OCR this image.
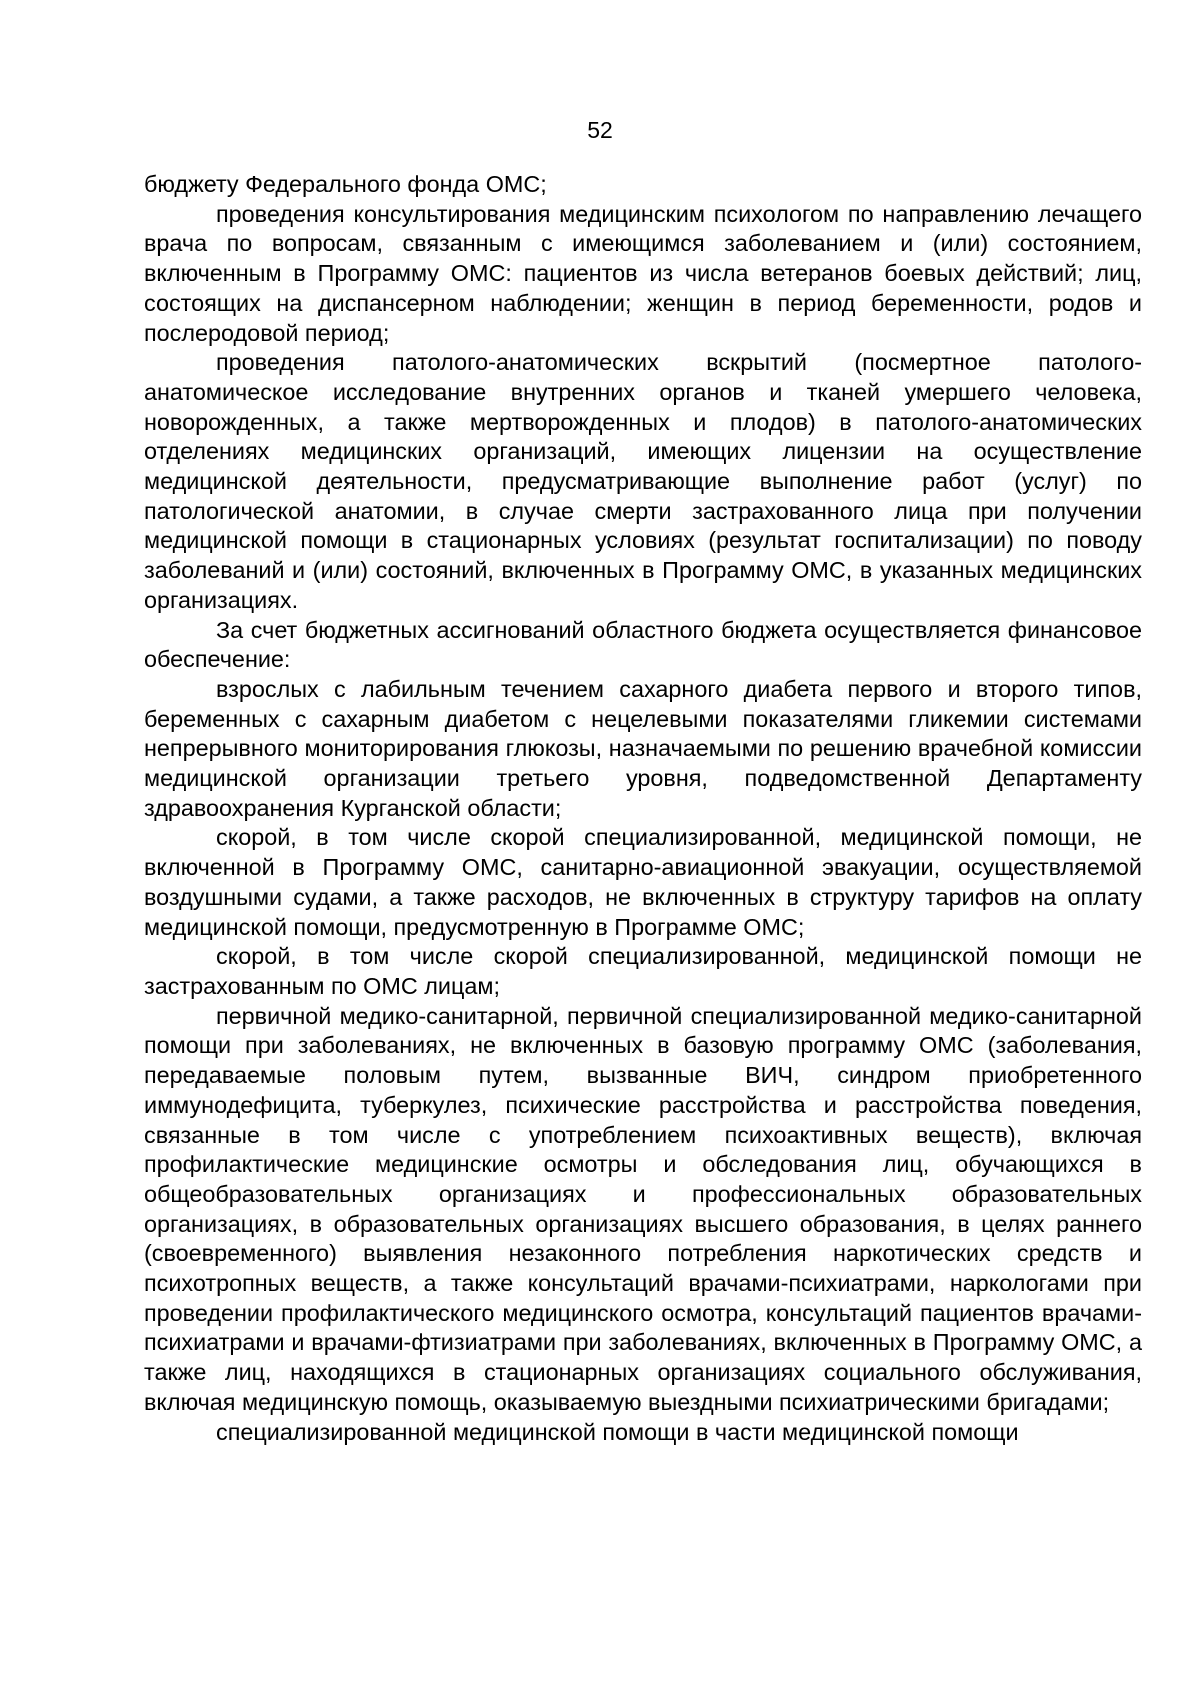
52

бюджету Федерального фонда ОМС;

проведения консультирования медицинским психологом по направлению лечащего врача по вопросам, связанным с имеющимся заболеванием и (или) состоянием, включенным в Программу ОМС: пациентов из числа ветеранов боевых действий; лиц, состоящих на диспансерном наблюдении; женщин в период беременности, родов и послеродовой период;

проведения патолого-анатомических вскрытий (посмертное патолого-анатомическое исследование внутренних органов и тканей умершего человека, новорожденных, а также мертворожденных и плодов) в патолого-анатомических отделениях медицинских организаций, имеющих лицензии на осуществление медицинской деятельности, предусматривающие выполнение работ (услуг) по патологической анатомии, в случае смерти застрахованного лица при получении медицинской помощи в стационарных условиях (результат госпитализации) по поводу заболеваний и (или) состояний, включенных в Программу ОМС, в указанных медицинских организациях.

За счет бюджетных ассигнований областного бюджета осуществляется финансовое обеспечение:

взрослых с лабильным течением сахарного диабета первого и второго типов, беременных с сахарным диабетом с нецелевыми показателями гликемии системами непрерывного мониторирования глюкозы, назначаемыми по решению врачебной комиссии медицинской организации третьего уровня, подведомственной Департаменту здравоохранения Курганской области;

скорой, в том числе скорой специализированной, медицинской помощи, не включенной в Программу ОМС, санитарно-авиационной эвакуации, осуществляемой воздушными судами, а также расходов, не включенных в структуру тарифов на оплату медицинской помощи, предусмотренную в Программе ОМС;

скорой, в том числе скорой специализированной, медицинской помощи не застрахованным по ОМС лицам;

первичной медико-санитарной, первичной специализированной медико-санитарной помощи при заболеваниях, не включенных в базовую программу ОМС (заболевания, передаваемые половым путем, вызванные ВИЧ, синдром приобретенного иммунодефицита, туберкулез, психические расстройства и расстройства поведения, связанные в том числе с употреблением психоактивных веществ), включая профилактические медицинские осмотры и обследования лиц, обучающихся в общеобразовательных организациях и профессиональных образовательных организациях, в образовательных организациях высшего образования, в целях раннего (своевременного) выявления незаконного потребления наркотических средств и психотропных веществ, а также консультаций врачами-психиатрами, наркологами при проведении профилактического медицинского осмотра, консультаций пациентов врачами-психиатрами и врачами-фтизиатрами при заболеваниях, включенных в Программу ОМС, а также лиц, находящихся в стационарных организациях социального обслуживания, включая медицинскую помощь, оказываемую выездными психиатрическими бригадами;

специализированной медицинской помощи в части медицинской помощи
